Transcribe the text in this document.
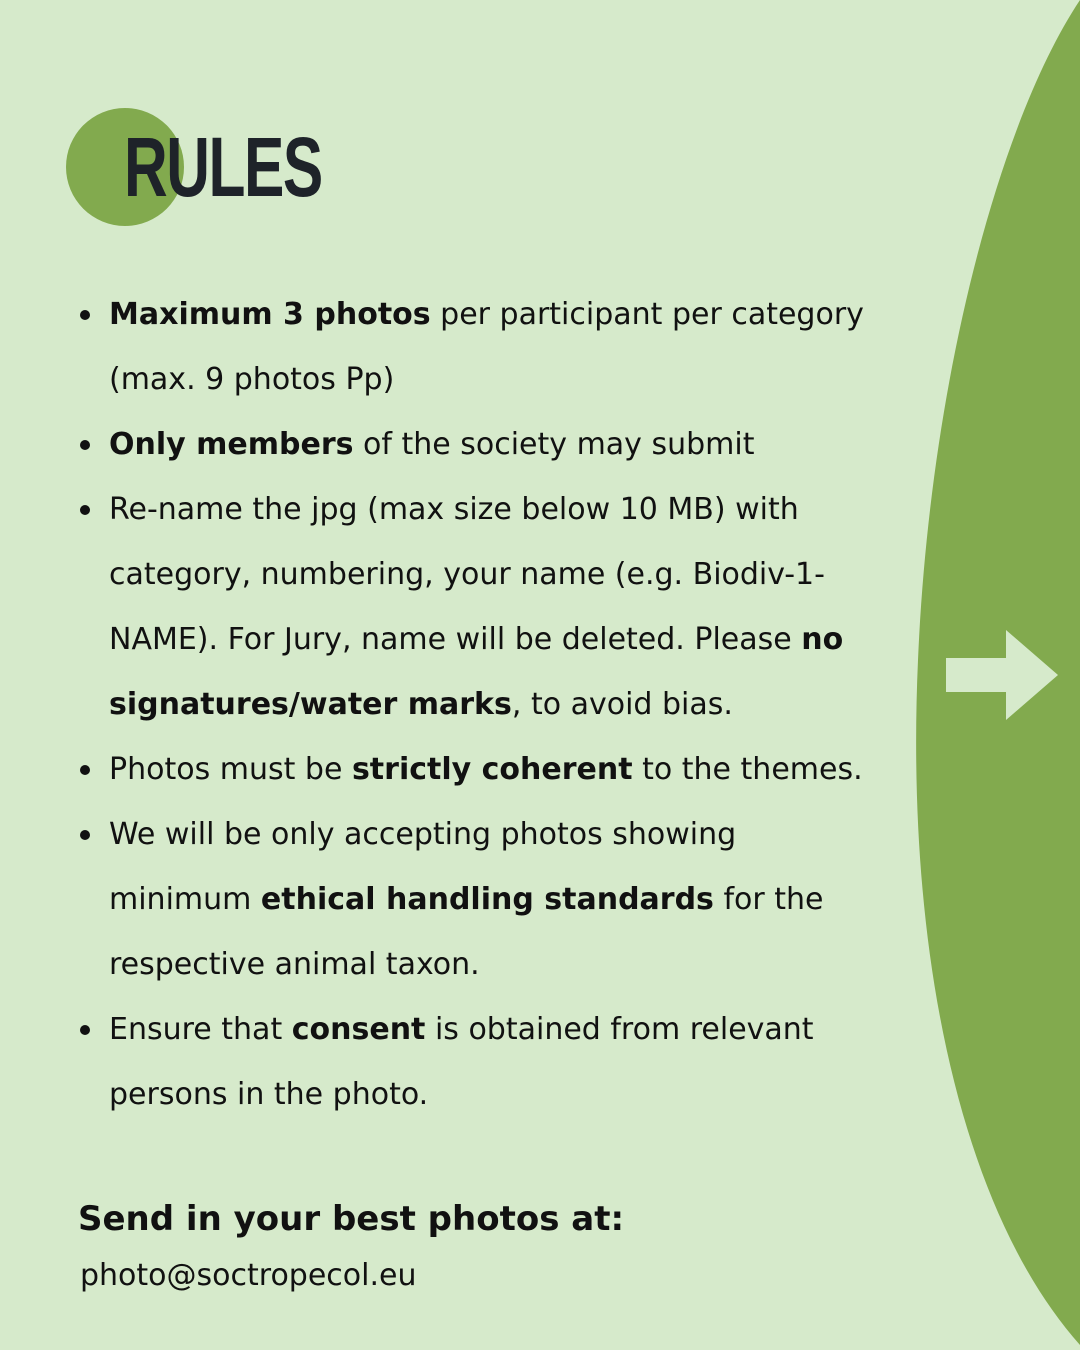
RULES
Maximum 3 photos per participant per category (max. 9 photos Pp)
Only members of the society may submit
Re-name the jpg (max size below 10 MB) with category, numbering, your name (e.g. Biodiv-1-NAME). For Jury, name will be deleted. Please no signatures/water marks, to avoid bias.
Photos must be strictly coherent to the themes.
We will be only accepting photos showing minimum ethical handling standards for the respective animal taxon.
Ensure that consent is obtained from relevant persons in the photo.
Send in your best photos at:
photo@soctropecol.eu
